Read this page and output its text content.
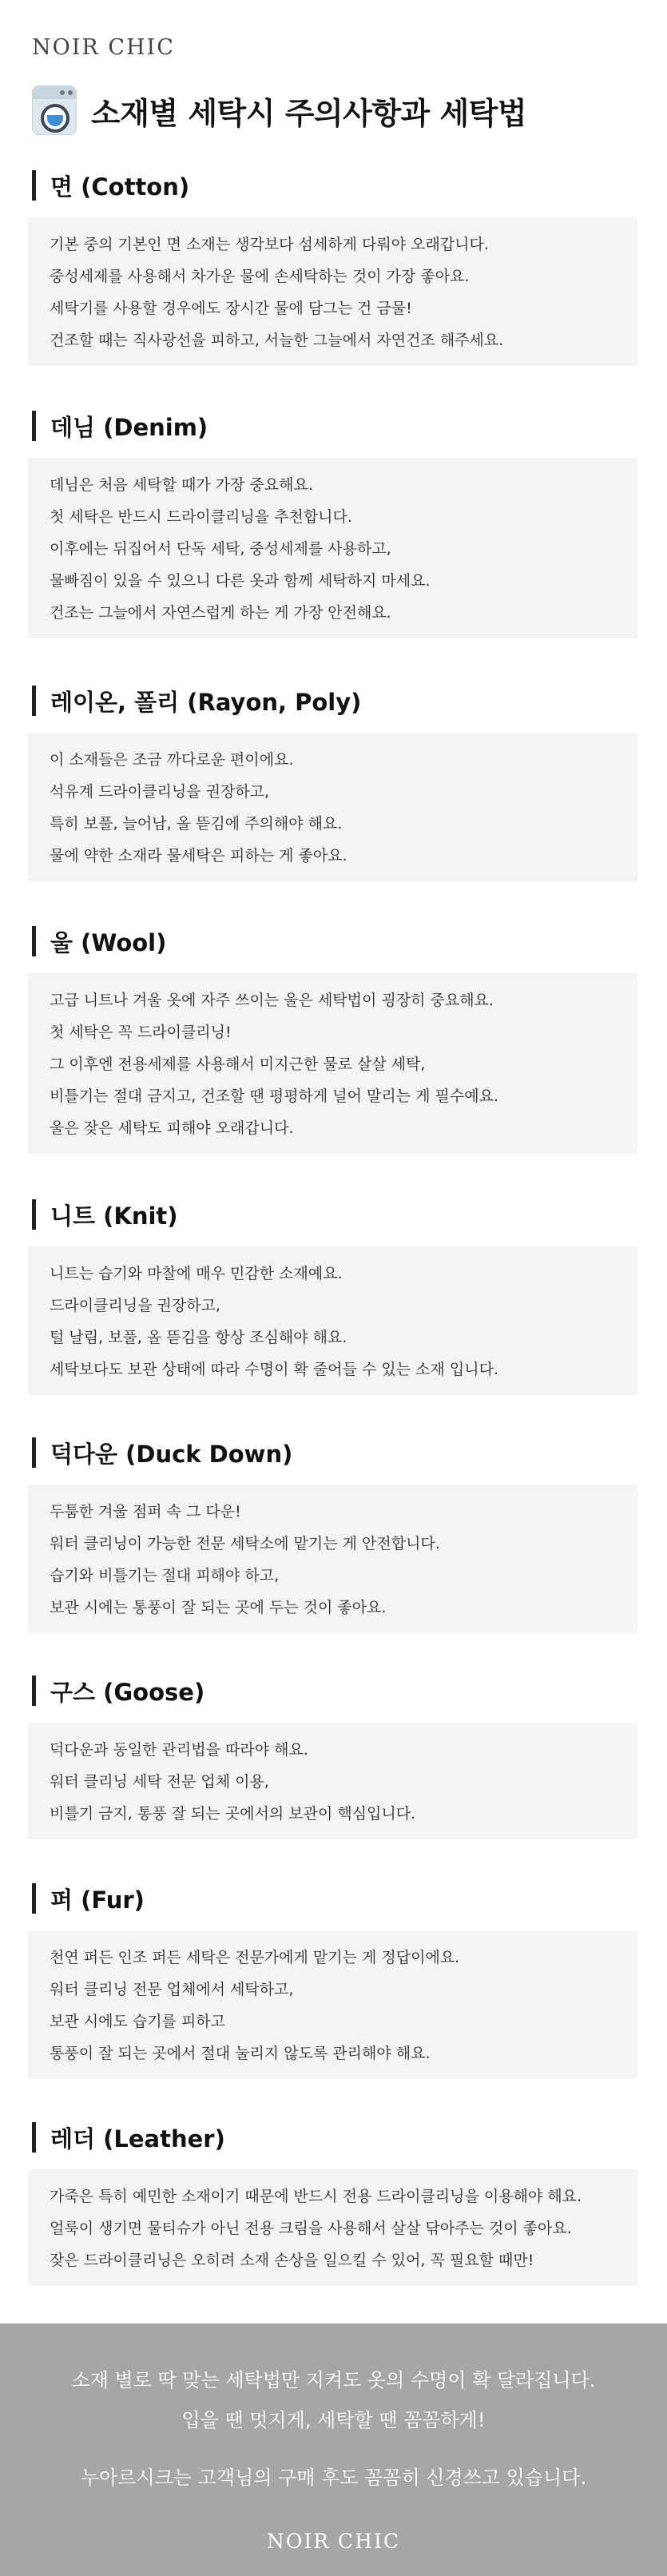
NOIR CHIC
소재별 세탁시 주의사항과 세탁법
면 (Cotton)

기본 중의 기본인 면 소재는 생각보다 섬세하게 다뤄야 오래갑니다.

중성세제를 사용해서 차가운 물에 손세탁하는 것이 가장 좋아요.

세탁기를 사용할 경우에도 장시간 물에 담그는 건 금물!

건조할 때는 직사광선을 피하고, 서늘한 그늘에서 자연건조 해주세요.

데님 (Denim)

데님은 처음 세탁할 때가 가장 중요해요.

첫 세탁은 반드시 드라이클리닝을 추천합니다.

이후에는 뒤집어서 단독 세탁, 중성세제를 사용하고,

물빠짐이 있을 수 있으니 다른 옷과 함께 세탁하지 마세요.

건조는 그늘에서 자연스럽게 하는 게 가장 안전해요.

레이온, 폴리 (Rayon, Poly)

이 소재들은 조금 까다로운 편이에요.

석유계 드라이클리닝을 권장하고,

특히 보풀, 늘어남, 올 뜯김에 주의해야 해요.

물에 약한 소재라 물세탁은 피하는 게 좋아요.

울 (Wool)

고급 니트나 겨울 옷에 자주 쓰이는 울은 세탁법이 굉장히 중요해요.

첫 세탁은 꼭 드라이클리닝!

그 이후엔 전용세제를 사용해서 미지근한 물로 살살 세탁,

비틀기는 절대 금지고, 건조할 땐 평평하게 널어 말리는 게 필수예요.

울은 잦은 세탁도 피해야 오래갑니다.

니트 (Knit)

니트는 습기와 마찰에 매우 민감한 소재예요.

드라이클리닝을 권장하고,

털 날림, 보풀, 올 뜯김을 항상 조심해야 해요.

세탁보다도 보관 상태에 따라 수명이 확 줄어들 수 있는 소재 입니다.

덕다운 (Duck Down)

두툼한 겨울 점퍼 속 그 다운!

워터 클리닝이 가능한 전문 세탁소에 맡기는 게 안전합니다.

습기와 비틀기는 절대 피해야 하고,

보관 시에는 통풍이 잘 되는 곳에 두는 것이 좋아요.

구스 (Goose)

덕다운과 동일한 관리법을 따라야 해요.

워터 클리닝 세탁 전문 업체 이용,

비틀기 금지, 통풍 잘 되는 곳에서의 보관이 핵심입니다.

퍼 (Fur)

천연 퍼든 인조 퍼든 세탁은 전문가에게 맡기는 게 정답이에요.

워터 클리닝 전문 업체에서 세탁하고,

보관 시에도 습기를 피하고

통풍이 잘 되는 곳에서 절대 눌리지 않도록 관리해야 해요.

레더 (Leather)

가죽은 특히 예민한 소재이기 때문에 반드시 전용 드라이클리닝을 이용해야 해요.

얼룩이 생기면 물티슈가 아닌 전용 크림을 사용해서 살살 닦아주는 것이 좋아요.

잦은 드라이클리닝은 오히려 소재 손상을 일으킬 수 있어, 꼭 필요할 때만!

소재 별로 딱 맞는 세탁법만 지켜도 옷의 수명이 확 달라집니다.
입을 땐 멋지게, 세탁할 땐 꼼꼼하게!
누아르시크는 고객님의 구매 후도 꼼꼼히 신경쓰고 있습니다.
NOIR CHIC
